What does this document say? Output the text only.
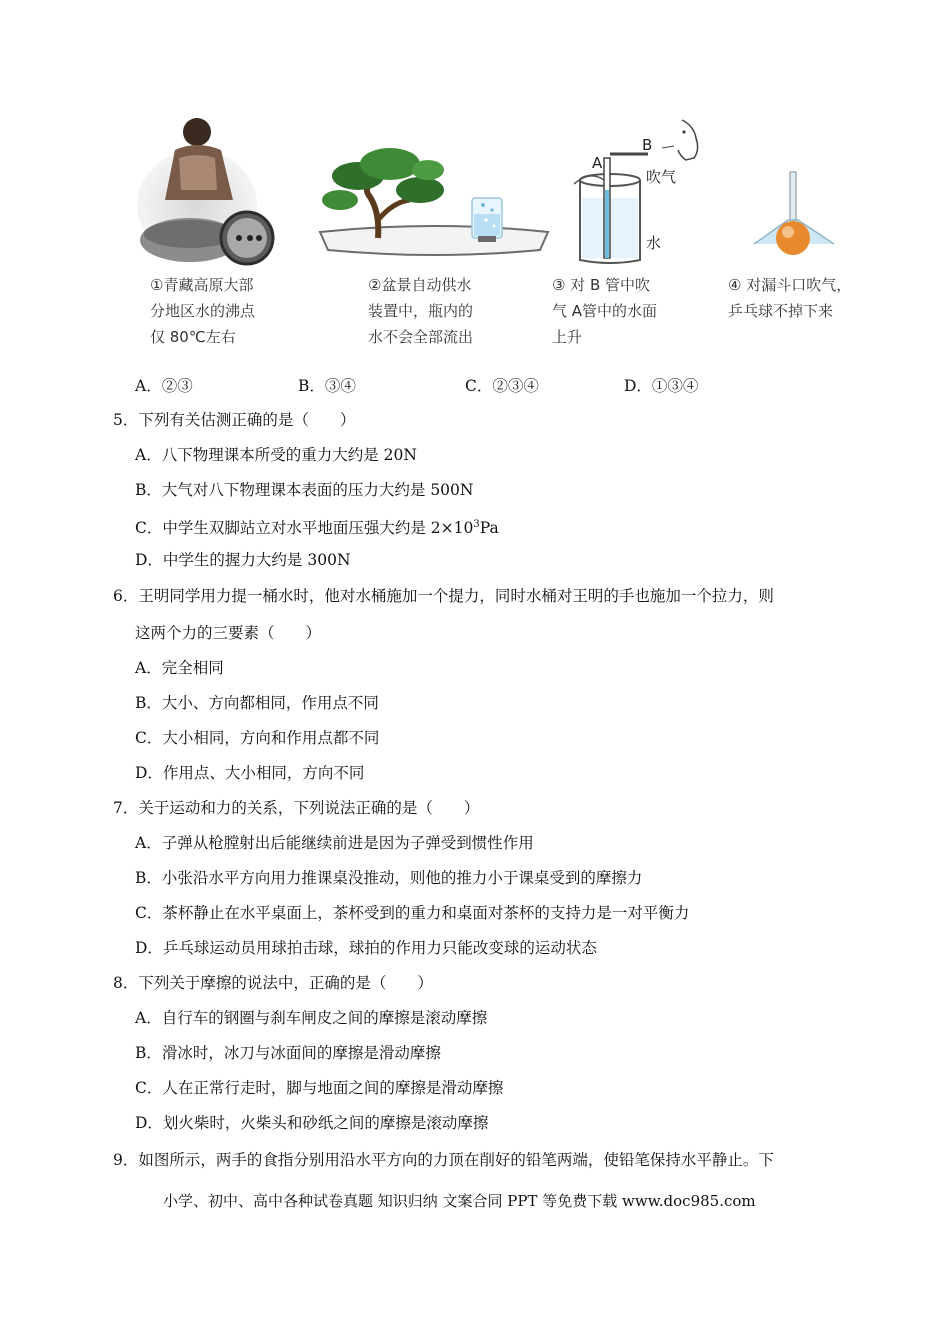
①青藏高原大部
分地区水的沸点
仅 80℃左右
②盆景自动供水
装置中，瓶内的
水不会全部流出
A
B
吹气
水
③ 对 B 管中吹
气 A管中的水面
上升
④ 对漏斗口吹气，
乒乓球不掉下来
A．②③	B．③④	C．②③④	D．①③④
5．下列有关估测正确的是（　　）
A．八下物理课本所受的重力大约是 20N
B．大气对八下物理课本表面的压力大约是 500N
C．中学生双脚站立对水平地面压强大约是 $2\times 10^3Pa$
D．中学生的握力大约是 300N
6．王明同学用力提一桶水时，他对水桶施加一个提力，同时水桶对王明的手也施加一个拉力，则
这两个力的三要素（　　）
A．完全相同
B．大小、方向都相同，作用点不同
C．大小相同，方向和作用点都不同
D．作用点、大小相同，方向不同
7．关于运动和力的关系，下列说法正确的是（　　）
A．子弹从枪膛射出后能继续前进是因为子弹受到惯性作用
B．小张沿水平方向用力推课桌没推动，则他的推力小于课桌受到的摩擦力
C．茶杯静止在水平桌面上，茶杯受到的重力和桌面对茶杯的支持力是一对平衡力
D．乒乓球运动员用球拍击球，球拍的作用力只能改变球的运动状态
8．下列关于摩擦的说法中，正确的是（　　）
A．自行车的钢圈与刹车闸皮之间的摩擦是滚动摩擦
B．滑冰时，冰刀与冰面间的摩擦是滑动摩擦
C．人在正常行走时，脚与地面之间的摩擦是滑动摩擦
D．划火柴时，火柴头和砂纸之间的摩擦是滚动摩擦
9．如图所示，两手的食指分别用沿水平方向的力顶在削好的铅笔两端，使铅笔保持水平静止。下
小学、初中、高中各种试卷真题 知识归纳 文案合同 PPT 等免费下载 www.doc985.com
